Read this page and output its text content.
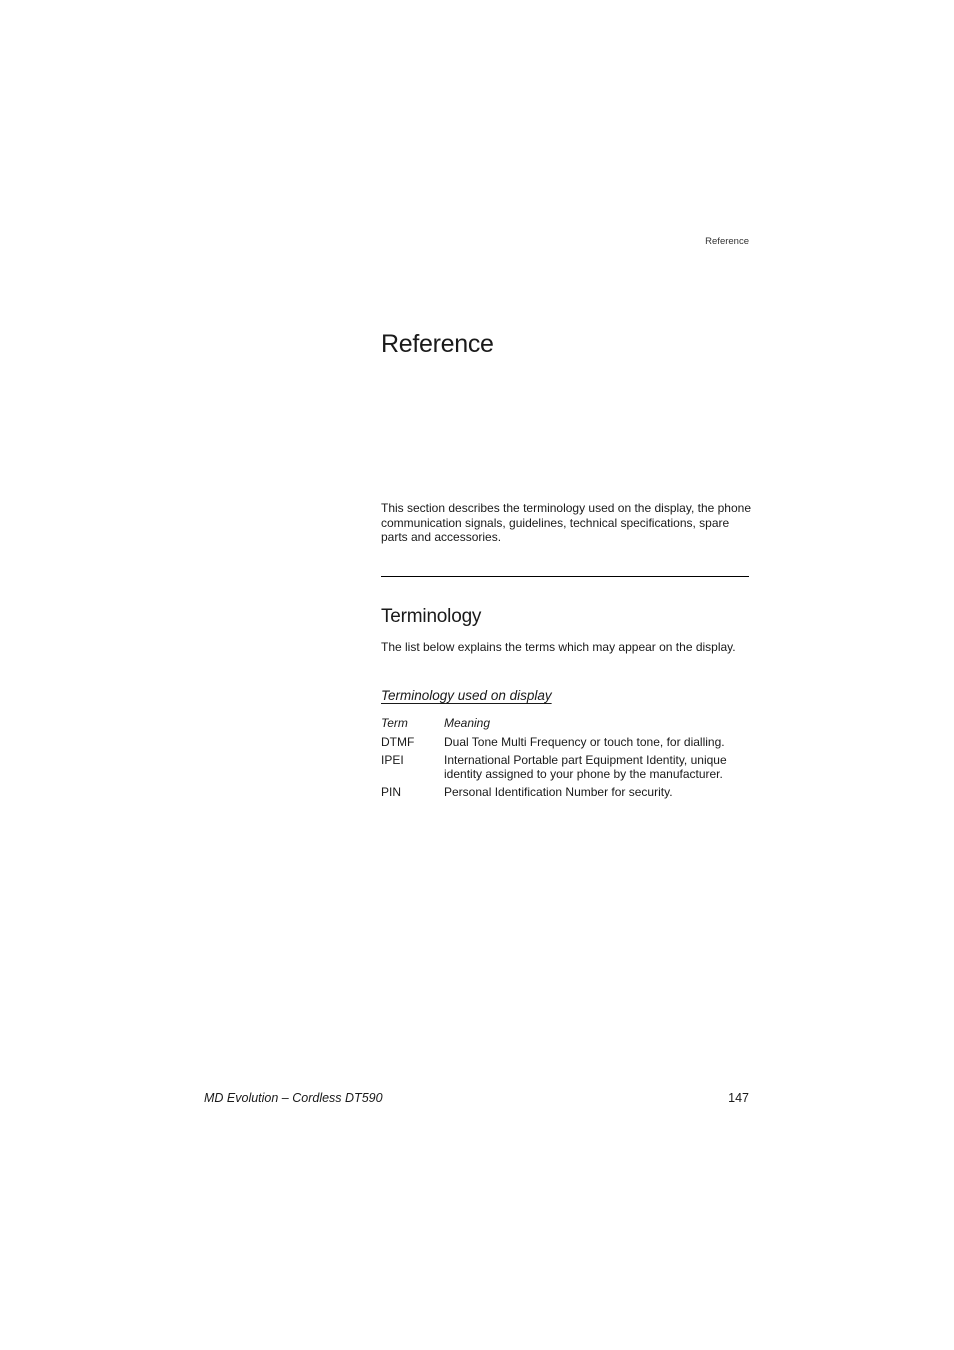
Reference
Reference

This section describes the terminology used on the display, the phone communication signals, guidelines, technical specifications, spare parts and accessories.

Terminology

The list below explains the terms which may appear on the display.

Terminology used on display
Term	Meaning
DTMF	Dual Tone Multi Frequency or touch tone, for dialling.
IPEI	International Portable part Equipment Identity, unique identity assigned to your phone by the manufacturer.
PIN	Personal Identification Number for security.
MD Evolution – Cordless DT590	147
